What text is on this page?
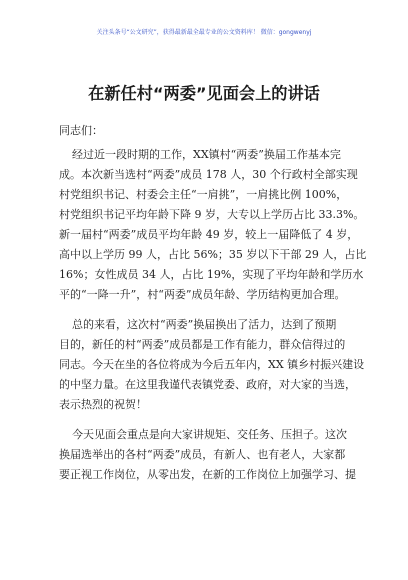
关注头条号“公文研究”，获得最新最全最专业的公文资料库！ 微信：gongwenyj
在新任村“两委”见面会上的讲话
同志们：
经过近一段时期的工作，XX镇村“两委”换届工作基本完
成。本次新当选村“两委”成员 178 人，30 个行政村全部实现
村党组织书记、村委会主任“一肩挑”，一肩挑比例 100%，
村党组织书记平均年龄下降 9 岁，大专以上学历占比 33.3%。
新一届村“两委”成员平均年龄 49 岁，较上一届降低了 4 岁，
高中以上学历 99 人，占比 56%；35 岁以下干部 29 人，占比
16%；女性成员 34 人，占比 19%，实现了平均年龄和学历水
平的“一降一升”，村“两委”成员年龄、学历结构更加合理。
总的来看，这次村“两委”换届换出了活力，达到了预期
目的，新任的村“两委”成员都是工作有能力，群众信得过的
同志。今天在坐的各位将成为今后五年内，XX 镇乡村振兴建设
的中坚力量。在这里我谨代表镇党委、政府，对大家的当选，
表示热烈的祝贺！
今天见面会重点是向大家讲规矩、交任务、压担子。这次
换届选举出的各村“两委”成员，有新人、也有老人，大家都
要正视工作岗位，从零出发，在新的工作岗位上加强学习、提
